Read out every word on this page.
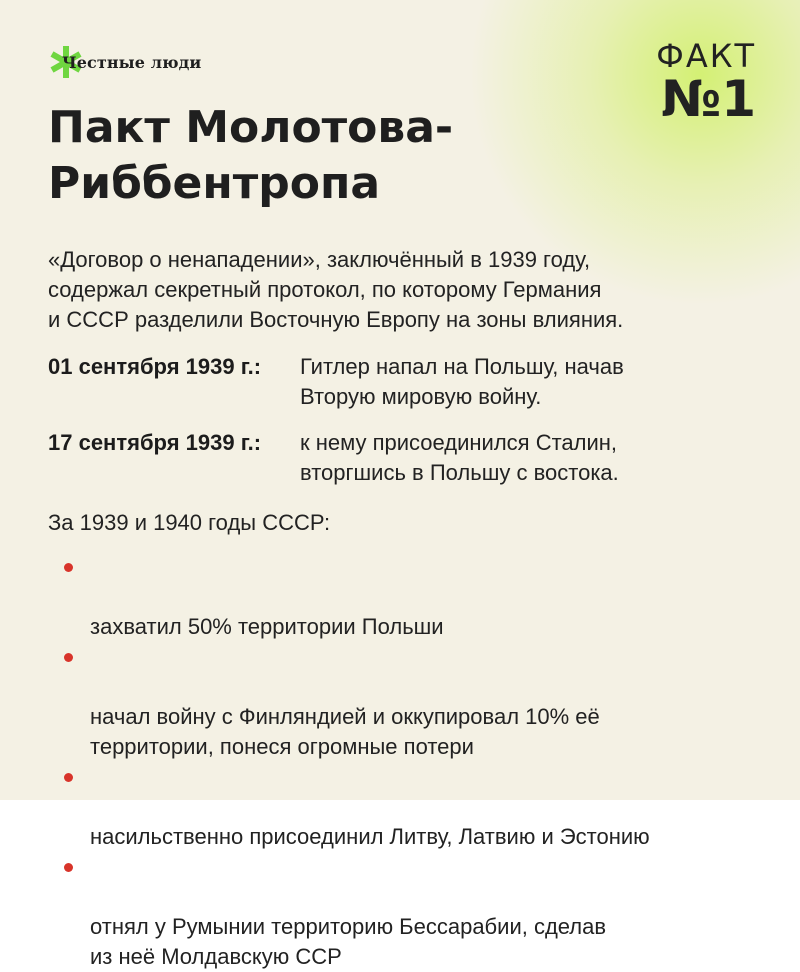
Честные люди	ФАКТ
№1
Пакт Молотова-
Риббентропа
«Договор о ненападении», заключённый в 1939 году,
содержал секретный протокол, по которому Германия
и СССР разделили Восточную Европу на зоны влияния.
01 сентября 1939 г.:	Гитлер напал на Польшу, начав
Вторую мировую войну.
17 сентября 1939 г.:	к нему присоединился Сталин,
вторгшись в Польшу с востока.
За 1939 и 1940 годы СССР:

захватил 50% территории Польши

начал войну с Финляндией и оккупировал 10% её
территории, понеся огромные потери

насильственно присоединил Литву, Латвию и Эстонию

отнял у Румынии территорию Бессарабии, сделав
из неё Молдавскую ССР
